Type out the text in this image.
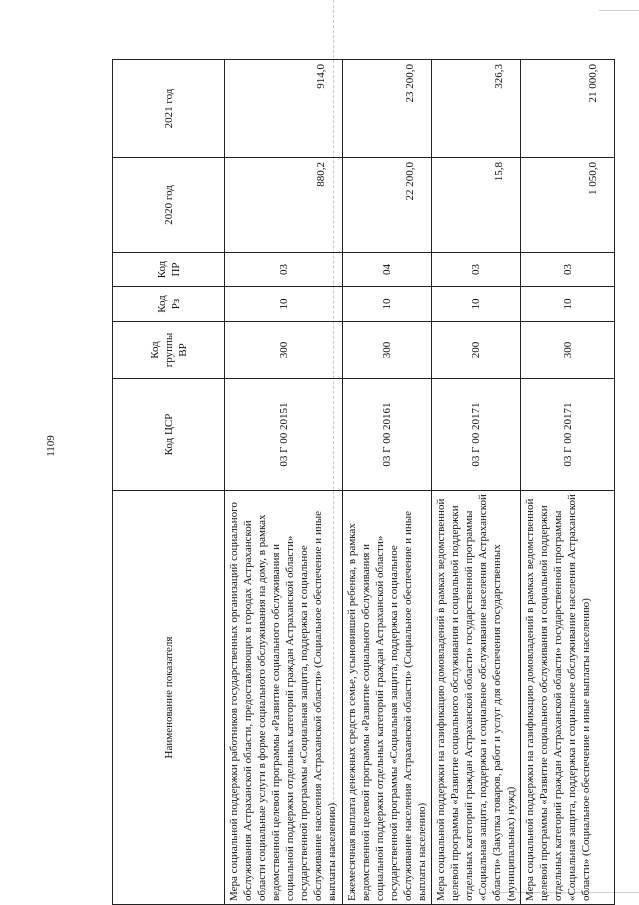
1109
Наименование показателя	Код ЦСР	Код группы ВР	Код Рз	Код ПР	2020 год	2021 год
Мера социальной поддержки работников государственных организаций социального обслуживания Астраханской области, предоставляющих в городах Астраханской области социальные услуги в форме социального обслуживания на дому, в рамках ведомственной целевой программы «Развитие социального обслуживания и социальной поддержки отдельных категорий граждан Астраханской области» государственной программы «Социальная защита, поддержка и социальное обслуживание населения Астраханской области» (Социальное обеспечение и иные выплаты населению)	03 Г 00 20151	300	10	03	880,2	914,0
Ежемесячная выплата денежных средств семье, усыновившей ребенка, в рамках ведомственной целевой программы «Развитие социального обслуживания и социальной поддержки отдельных категорий граждан Астраханской области» государственной программы «Социальная защита, поддержка и социальное обслуживание населения Астраханской области» (Социальное обеспечение и иные выплаты населению)	03 Г 00 20161	300	10	04	22 200,0	23 200,0
Мера социальной поддержки на газификацию домовладений в рамках ведомственной целевой программы «Развитие социального обслуживания и социальной поддержки отдельных категорий граждан Астраханской области» государственной программы «Социальная защита, поддержка и социальное обслуживание населения Астраханской области» (Закупка товаров, работ и услуг для обеспечения государственных (муниципальных) нужд)	03 Г 00 20171	200	10	03	15,8	326,3
Мера социальной поддержки на газификацию домовладений в рамках ведомственной целевой программы «Развитие социального обслуживания и социальной поддержки отдельных категорий граждан Астраханской области» государственной программы «Социальная защита, поддержка и социальное обслуживание населения Астраханской области» (Социальное обеспечение и иные выплаты населению)	03 Г 00 20171	300	10	03	1 050,0	21 000,0
